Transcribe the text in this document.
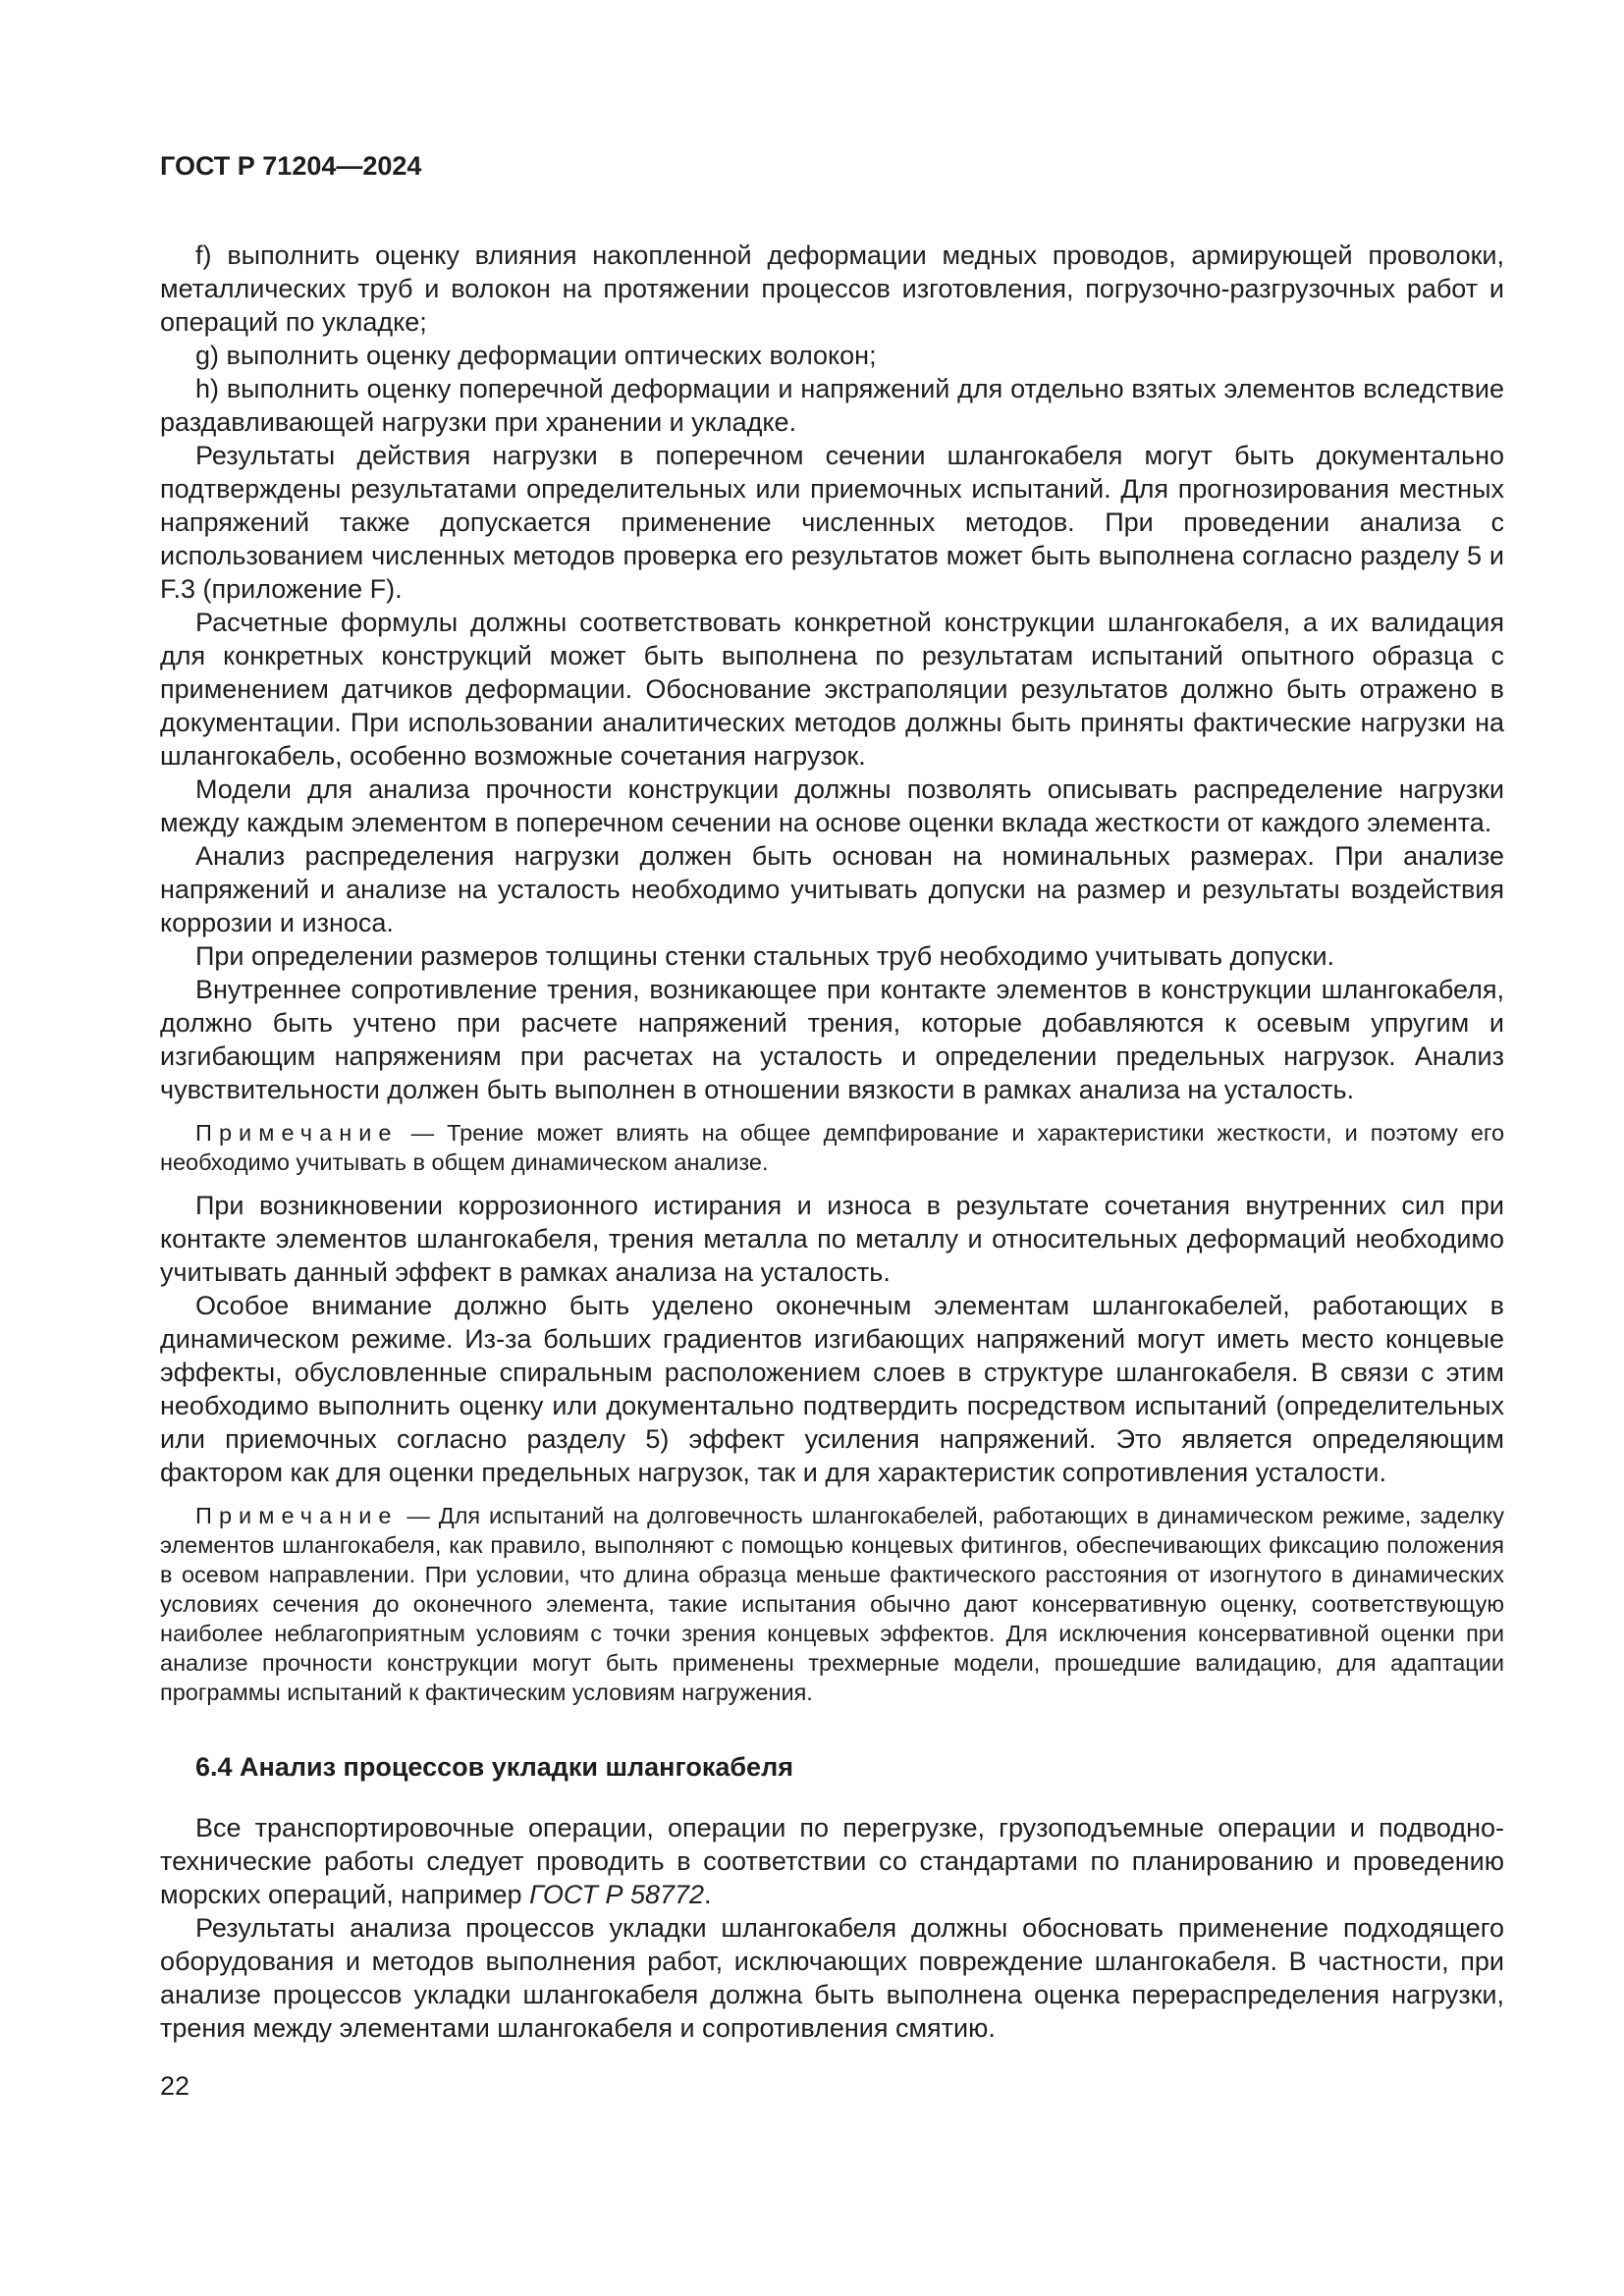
ГОСТ Р 71204—2024

f) выполнить оценку влияния накопленной деформации медных проводов, армирующей проволоки, металлических труб и волокон на протяжении процессов изготовления, погрузочно-разгрузочных работ и операций по укладке;

g) выполнить оценку деформации оптических волокон;

h) выполнить оценку поперечной деформации и напряжений для отдельно взятых элементов вследствие раздавливающей нагрузки при хранении и укладке.

Результаты действия нагрузки в поперечном сечении шлангокабеля могут быть документально подтверждены результатами определительных или приемочных испытаний. Для прогнозирования местных напряжений также допускается применение численных методов. При проведении анализа с использованием численных методов проверка его результатов может быть выполнена согласно разделу 5 и F.3 (приложение F).

Расчетные формулы должны соответствовать конкретной конструкции шлангокабеля, а их валидация для конкретных конструкций может быть выполнена по результатам испытаний опытного образца с применением датчиков деформации. Обоснование экстраполяции результатов должно быть отражено в документации. При использовании аналитических методов должны быть приняты фактические нагрузки на шлангокабель, особенно возможные сочетания нагрузок.

Модели для анализа прочности конструкции должны позволять описывать распределение нагрузки между каждым элементом в поперечном сечении на основе оценки вклада жесткости от каждого элемента.

Анализ распределения нагрузки должен быть основан на номинальных размерах. При анализе напряжений и анализе на усталость необходимо учитывать допуски на размер и результаты воздействия коррозии и износа.

При определении размеров толщины стенки стальных труб необходимо учитывать допуски.

Внутреннее сопротивление трения, возникающее при контакте элементов в конструкции шлангокабеля, должно быть учтено при расчете напряжений трения, которые добавляются к осевым упругим и изгибающим напряжениям при расчетах на усталость и определении предельных нагрузок. Анализ чувствительности должен быть выполнен в отношении вязкости в рамках анализа на усталость.

Примечание — Трение может влиять на общее демпфирование и характеристики жесткости, и поэтому его необходимо учитывать в общем динамическом анализе.

При возникновении коррозионного истирания и износа в результате сочетания внутренних сил при контакте элементов шлангокабеля, трения металла по металлу и относительных деформаций необходимо учитывать данный эффект в рамках анализа на усталость.

Особое внимание должно быть уделено оконечным элементам шлангокабелей, работающих в динамическом режиме. Из-за больших градиентов изгибающих напряжений могут иметь место концевые эффекты, обусловленные спиральным расположением слоев в структуре шлангокабеля. В связи с этим необходимо выполнить оценку или документально подтвердить посредством испытаний (определительных или приемочных согласно разделу 5) эффект усиления напряжений. Это является определяющим фактором как для оценки предельных нагрузок, так и для характеристик сопротивления усталости.

Примечание — Для испытаний на долговечность шлангокабелей, работающих в динамическом режиме, заделку элементов шлангокабеля, как правило, выполняют с помощью концевых фитингов, обеспечивающих фиксацию положения в осевом направлении. При условии, что длина образца меньше фактического расстояния от изогнутого в динамических условиях сечения до оконечного элемента, такие испытания обычно дают консервативную оценку, соответствующую наиболее неблагоприятным условиям с точки зрения концевых эффектов. Для исключения консервативной оценки при анализе прочности конструкции могут быть применены трехмерные модели, прошедшие валидацию, для адаптации программы испытаний к фактическим условиям нагружения.

6.4 Анализ процессов укладки шлангокабеля

Все транспортировочные операции, операции по перегрузке, грузоподъемные операции и подводно-технические работы следует проводить в соответствии со стандартами по планированию и проведению морских операций, например ГОСТ Р 58772.

Результаты анализа процессов укладки шлангокабеля должны обосновать применение подходящего оборудования и методов выполнения работ, исключающих повреждение шлангокабеля. В частности, при анализе процессов укладки шлангокабеля должна быть выполнена оценка перераспределения нагрузки, трения между элементами шлангокабеля и сопротивления смятию.

22
